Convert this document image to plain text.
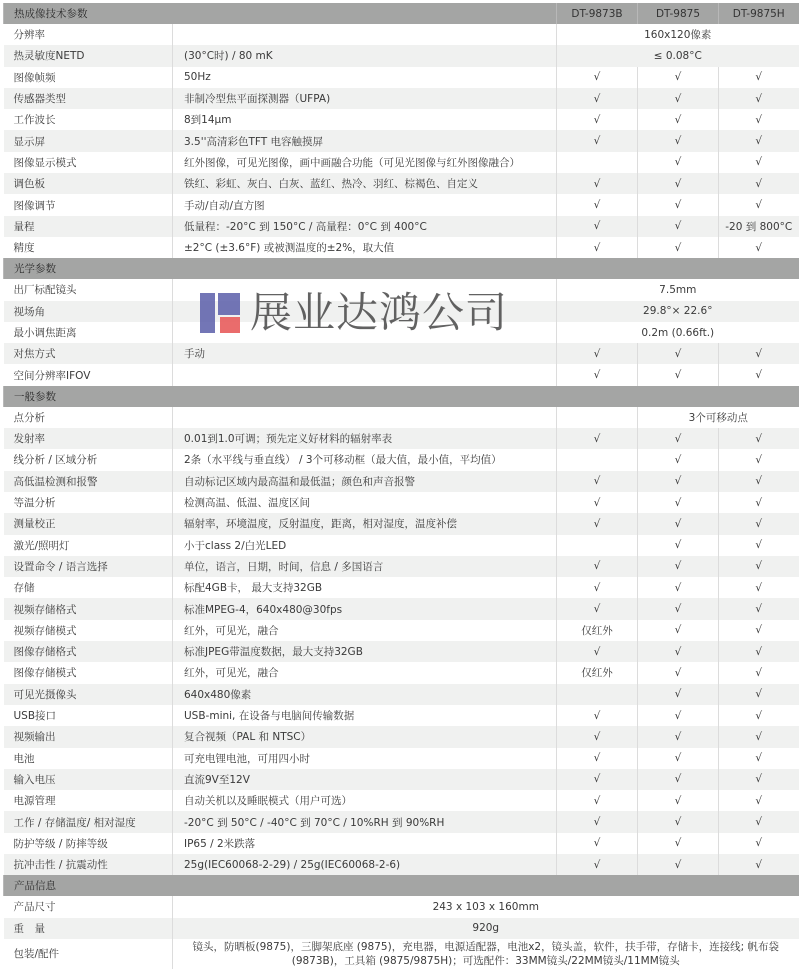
热成像技术参数		DT-9873B	DT-9875	DT-9875H
分辨率		160x120像素		
热灵敏度NETD	(30°C时) / 80 mK	≤ 0.08°C		
图像帧频	50Hz	√	√	√
传感器类型	非制冷型焦平面探测器（UFPA)	√	√	√
工作波长	8到14μm	√	√	√
显示屏	3.5''高清彩色TFT 电容触摸屏	√	√	√
图像显示模式	红外图像，可见光图像，画中画融合功能（可见光图像与红外图像融合）		√	√
调色板	铁红、彩虹、灰白、白灰、蓝红、热冷、羽红、棕褐色、自定义	√	√	√
图像调节	手动/自动/直方图	√	√	√
量程	低量程：-20°C 到 150°C / 高量程：0°C 到 400°C	√	√	-20 到 800°C
精度	±2°C (±3.6°F) 或被测温度的±2%，取大值	√	√	√
光学参数				
出厂标配镜头		7.5mm		
视场角		29.8°× 22.6°		
最小调焦距离		0.2m (0.66ft.)		
对焦方式	手动	√	√	√
空间分辨率IFOV		√	√	√
一般参数				
点分析			3个可移动点	
发射率	0.01到1.0可调；预先定义好材料的辐射率表	√	√	√
线分析 / 区域分析	2条（水平线与垂直线） / 3个可移动框（最大值，最小值，平均值）		√	√
高低温检测和报警	自动标记区域内最高温和最低温；颜色和声音报警	√	√	√
等温分析	检测高温、低温、温度区间	√	√	√
测量校正	辐射率，环境温度，反射温度，距离，相对湿度，温度补偿	√	√	√
激光/照明灯	小于class 2/白光LED		√	√
设置命令 / 语言选择	单位，语言，日期，时间，信息 / 多国语言	√	√	√
存储	标配4GB卡， 最大支持32GB	√	√	√
视频存储格式	标准MPEG-4，640x480@30fps	√	√	√
视频存储模式	红外，可见光，融合	仅红外	√	√
图像存储格式	标准JPEG带温度数据，最大支持32GB	√	√	√
图像存储模式	红外，可见光，融合	仅红外	√	√
可见光摄像头	640x480像素		√	√
USB接口	USB-mini, 在设备与电脑间传输数据	√	√	√
视频输出	复合视频（PAL 和 NTSC）	√	√	√
电池	可充电锂电池，可用四小时	√	√	√
输入电压	直流9V至12V	√	√	√
电源管理	自动关机以及睡眠模式（用户可选）	√	√	√
工作 / 存储温度/ 相对湿度	-20°C 到 50°C / -40°C 到 70°C / 10%RH 到 90%RH	√	√	√
防护等级 / 防摔等级	IP65 / 2米跌落	√	√	√
抗冲击性 / 抗震动性	25g(IEC60068-2-29) / 25g(IEC60068-2-6)	√	√	√
产品信息				
产品尺寸	243 x 103 x 160mm			
重　量	920g			
包装/配件	镜头，防晒板(9875)，三脚架底座 (9875)，充电器，电源适配器，电池x2，镜头盖，软件，扶手带，存储卡，连接线; 帆布袋(9873B)，工具箱 (9875/9875H)；可选配件：33MM镜头/22MM镜头/11MM镜头			
展业达鸿公司
